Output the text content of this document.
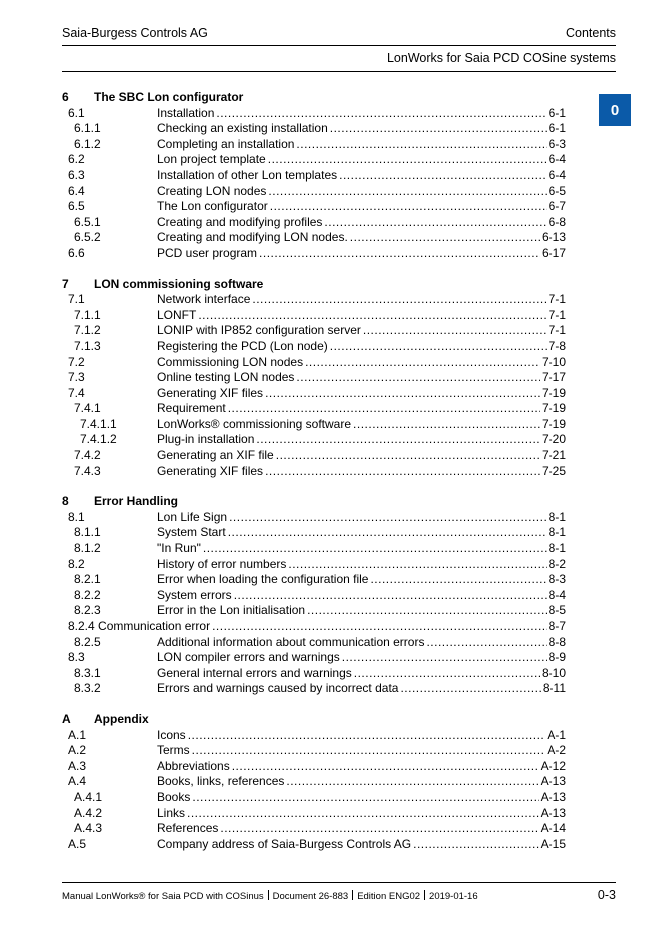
Saia-Burgess Controls AG	Contents
LonWorks for Saia PCD COSine systems
0
6	The SBC Lon configurator
6.1	Installation .....	6-1
6.1.1	Checking an existing installation .....	6-1
6.1.2	Completing an installation .....	6-3
6.2	Lon project template .....	6-4
6.3	Installation of other Lon templates .....	6-4
6.4	Creating LON nodes .....	6-5
6.5	The Lon configurator .....	6-7
6.5.1	Creating and modifying profiles .....	6-8
6.5.2	Creating and modifying LON nodes. .....	6-13
6.6	PCD user program .....	6-17
7	LON commissioning software
7.1	Network interface .....	7-1
7.1.1	LONFT .....	7-1
7.1.2	LONIP with IP852 configuration server .....	7-1
7.1.3	Registering the PCD (Lon node) .....	7-8
7.2	Commissioning LON nodes .....	7-10
7.3	Online testing LON nodes .....	7-17
7.4	Generating XIF files .....	7-19
7.4.1	Requirement .....	7-19
7.4.1.1	LonWorks® commissioning software .....	7-19
7.4.1.2	Plug-in installation .....	7-20
7.4.2	Generating an XIF file .....	7-21
7.4.3	Generating XIF files .....	7-25
8	Error Handling
8.1	Lon Life Sign .....	8-1
8.1.1	System Start .....	8-1
8.1.2	"In Run" .....	8-1
8.2	History of error numbers .....	8-2
8.2.1	Error when loading the configuration file .....	8-3
8.2.2	System errors .....	8-4
8.2.3	Error in the Lon initialisation .....	8-5
8.2.4 Communication error .....	8-7
8.2.5	Additional information about communication errors .....	8-8
8.3	LON compiler errors and warnings .....	8-9
8.3.1	General internal errors and warnings .....	8-10
8.3.2	Errors and warnings caused by incorrect data .....	8-11
A	Appendix
A.1	Icons .....	A-1
A.2	Terms .....	A-2
A.3	Abbreviations .....	A-12
A.4	Books, links, references .....	A-13
A.4.1	Books .....	A-13
A.4.2	Links .....	A-13
A.4.3	References .....	A-14
A.5	Company address of Saia-Burgess Controls AG .....	A-15
Manual LonWorks® for Saia PCD with COSinus Document 26-883 Edition ENG02 2019-01-16	0-3
